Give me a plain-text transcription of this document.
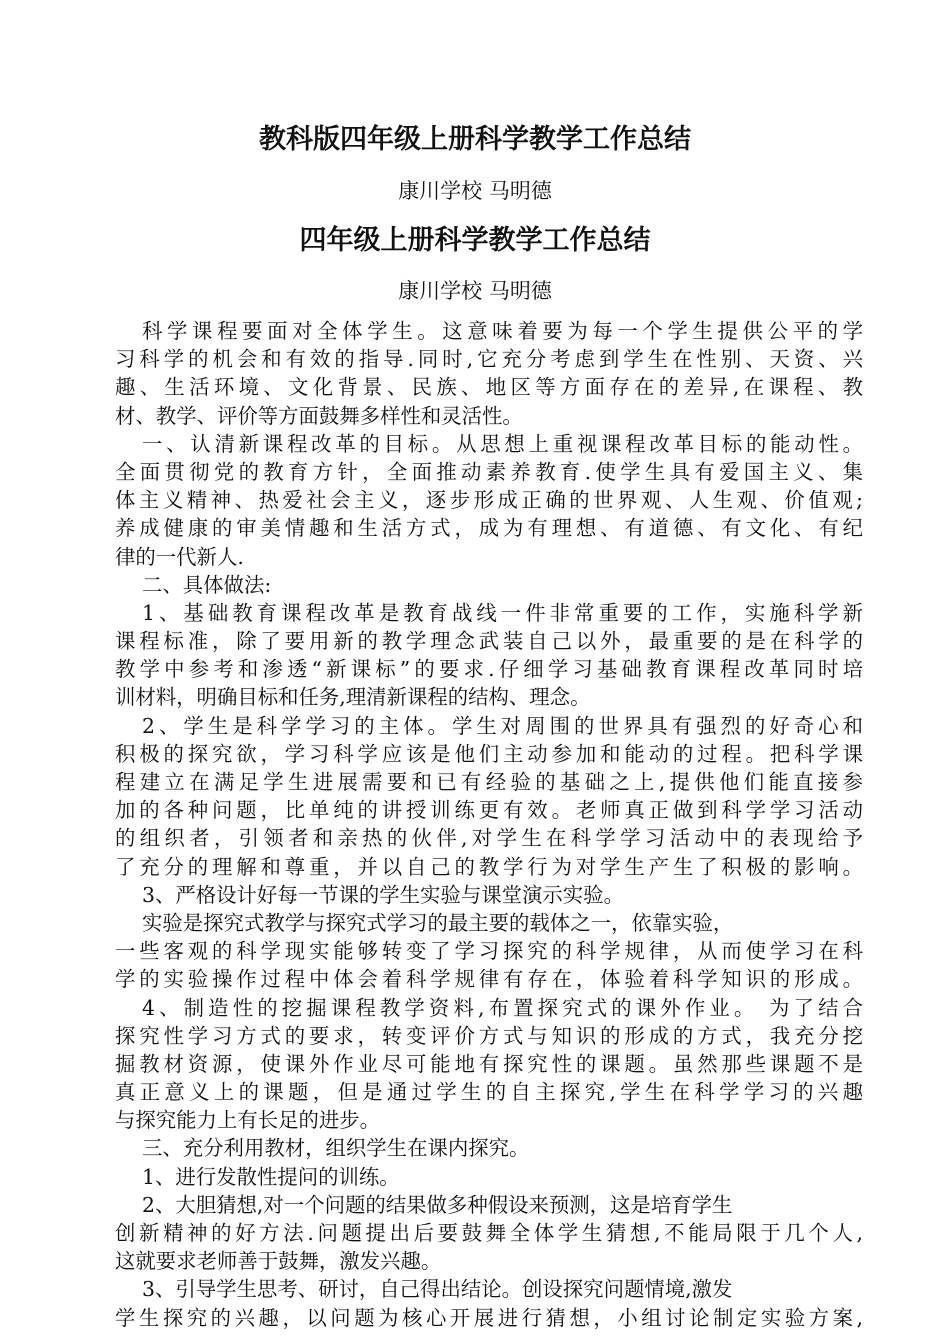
教科版四年级上册科学教学工作总结

康川学校 马明德

四年级上册科学教学工作总结

康川学校 马明德

科学课程要面对全体学生。这意味着要为每一个学生提供公平的学
习科学的机会和有效的指导.同时,它充分考虑到学生在性别、天资、兴
趣、生活环境、文化背景、民族、地区等方面存在的差异,在课程、教
材、教学、评价等方面鼓舞多样性和灵活性。
一、认清新课程改革的目标。从思想上重视课程改革目标的能动性。
全面贯彻党的教育方针，全面推动素养教育.使学生具有爱国主义、集
体主义精神、热爱社会主义，逐步形成正确的世界观、人生观、价值观;
养成健康的审美情趣和生活方式，成为有理想、有道德、有文化、有纪
律的一代新人.
二、具体做法:
1、基础教育课程改革是教育战线一件非常重要的工作，实施科学新
课程标准，除了要用新的教学理念武装自己以外，最重要的是在科学的
教学中参考和渗透“新课标”的要求.仔细学习基础教育课程改革同时培
训材料，明确目标和任务,理清新课程的结构、理念。
2、学生是科学学习的主体。学生对周围的世界具有强烈的好奇心和
积极的探究欲，学习科学应该是他们主动参加和能动的过程。把科学课
程建立在满足学生进展需要和已有经验的基础之上,提供他们能直接参
加的各种问题，比单纯的讲授训练更有效。老师真正做到科学学习活动
的组织者，引领者和亲热的伙伴,对学生在科学学习活动中的表现给予
了充分的理解和尊重，并以自己的教学行为对学生产生了积极的影响。
3、严格设计好每一节课的学生实验与课堂演示实验。
实验是探究式教学与探究式学习的最主要的载体之一，依靠实验，
一些客观的科学现实能够转变了学习探究的科学规律，从而使学习在科
学的实验操作过程中体会着科学规律有存在，体验着科学知识的形成。
4、制造性的挖掘课程教学资料,布置探究式的课外作业。 为了结合
探究性学习方式的要求，转变评价方式与知识的形成的方式，我充分挖
掘教材资源，使课外作业尽可能地有探究性的课题。虽然那些课题不是
真正意义上的课题，但是通过学生的自主探究,学生在科学学习的兴趣
与探究能力上有长足的进步。
三、充分利用教材，组织学生在课内探究。
1、进行发散性提问的训练。
2、大胆猜想,对一个问题的结果做多种假设来预测，这是培育学生
创新精神的好方法.问题提出后要鼓舞全体学生猜想,不能局限于几个人,
这就要求老师善于鼓舞，激发兴趣。
3、引导学生思考、研讨，自己得出结论。创设探究问题情境,激发
学生探究的兴趣，以问题为核心开展进行猜想，小组讨论制定实验方案,
